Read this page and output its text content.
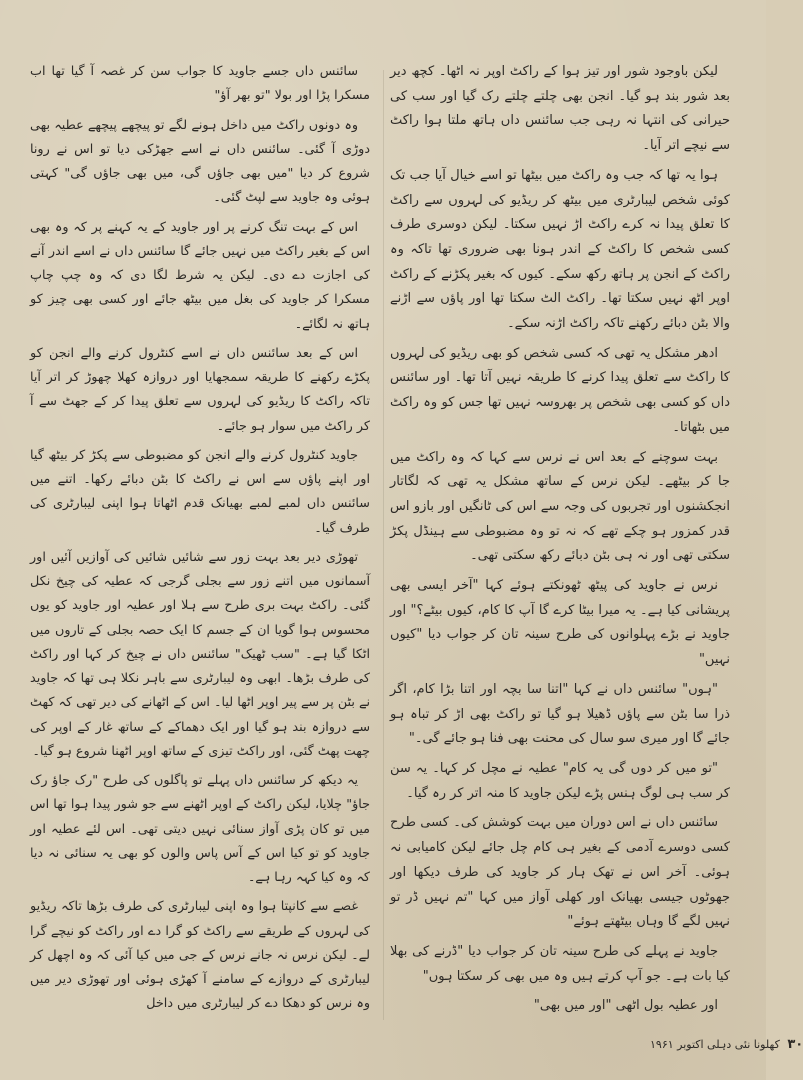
لیکن باوجود شور اور تیز ہوا کے راکٹ اوپر نہ اٹھا۔ کچھ دیر بعد شور بند ہو گیا۔ انجن بھی چلتے چلتے رک گیا اور سب کی حیرانی کی انتہا نہ رہی جب سائنس داں ہاتھ ملتا ہوا راکٹ سے نیچے اتر آیا۔

ہوا یہ تھا کہ جب وہ راکٹ میں بیٹھا تو اسے خیال آیا جب تک کوئی شخص لیبارٹری میں بیٹھ کر ریڈیو کی لہروں سے راکٹ کا تعلق پیدا نہ کرے راکٹ اڑ نہیں سکتا۔ لیکن دوسری طرف کسی شخص کا راکٹ کے اندر ہونا بھی ضروری تھا تاکہ وہ راکٹ کے انجن پر ہاتھ رکھ سکے۔ کیوں کہ بغیر پکڑنے کے راکٹ اوپر اٹھ نہیں سکتا تھا۔ راکٹ الٹ سکتا تھا اور پاؤں سے اڑنے والا بٹن دبائے رکھنے تاکہ راکٹ اڑنہ سکے۔

ادھر مشکل یہ تھی کہ کسی شخص کو بھی ریڈیو کی لہروں کا راکٹ سے تعلق پیدا کرنے کا طریقہ نہیں آتا تھا۔ اور سائنس داں کو کسی بھی شخص پر بھروسہ نہیں تھا جس کو وہ راکٹ میں بٹھاتا۔

بہت سوچنے کے بعد اس نے نرس سے کہا کہ وہ راکٹ میں جا کر بیٹھے۔ لیکن نرس کے ساتھ مشکل یہ تھی کہ لگاتار انجکشنوں اور تجربوں کی وجہ سے اس کی ٹانگیں اور بازو اس قدر کمزور ہو چکے تھے کہ نہ تو وہ مضبوطی سے ہینڈل پکڑ سکتی تھی اور نہ ہی بٹن دبائے رکھ سکتی تھی۔

نرس نے جاوید کی پیٹھ ٹھونکتے ہوئے کہا "آخر ایسی بھی پریشانی کیا ہے۔ یہ میرا بیٹا کرے گا آپ کا کام، کیوں بیٹے؟" اور جاوید نے بڑے پہلوانوں کی طرح سینہ تان کر جواب دیا "کیوں نہیں"

"ہوں" سائنس داں نے کہا "اتنا سا بچہ اور اتنا بڑا کام، اگر ذرا سا بٹن سے پاؤں ڈھیلا ہو گیا تو راکٹ بھی اڑ کر تباہ ہو جائے گا اور میری سو سال کی محنت بھی فنا ہو جائے گی۔"

"تو میں کر دوں گی یہ کام" عطیہ نے مچل کر کہا۔ یہ سن کر سب ہی لوگ ہنس پڑے لیکن جاوید کا منہ اتر کر رہ گیا۔

سائنس داں نے اس دوران میں بہت کوشش کی۔ کسی طرح کسی دوسرے آدمی کے بغیر ہی کام چل جائے لیکن کامیابی نہ ہوئی۔ آخر اس نے تھک ہار کر جاوید کی طرف دیکھا اور جھوٹوں جیسی بھیانک اور کھلی آواز میں کہا "تم نہیں ڈر تو نہیں لگے گا وہاں بیٹھتے ہوئے"

جاوید نے پہلے کی طرح سینہ تان کر جواب دیا "ڈرنے کی بھلا کیا بات ہے۔ جو آپ کرتے ہیں وہ میں بھی کر سکتا ہوں"

اور عطیہ بول اٹھی "اور میں بھی"

سائنس داں جسے جاوید کا جواب سن کر غصہ آ گیا تھا اب مسکرا پڑا اور بولا "تو بھر آؤ"

وہ دونوں راکٹ میں داخل ہونے لگے تو پیچھے پیچھے عطیہ بھی دوڑی آ گئی۔ سائنس داں نے اسے جھڑکی دیا تو اس نے رونا شروع کر دیا "میں بھی جاؤں گی، میں بھی جاؤں گی" کہتی ہوئی وہ جاوید سے لپٹ گئی۔

اس کے بہت تنگ کرنے پر اور جاوید کے یہ کہنے پر کہ وہ بھی اس کے بغیر راکٹ میں نہیں جائے گا سائنس داں نے اسے اندر آنے کی اجازت دے دی۔ لیکن یہ شرط لگا دی کہ وہ چپ چاپ مسکرا کر جاوید کی بغل میں بیٹھ جائے اور کسی بھی چیز کو ہاتھ نہ لگائے۔

اس کے بعد سائنس داں نے اسے کنٹرول کرنے والے انجن کو پکڑے رکھنے کا طریقہ سمجھایا اور دروازہ کھلا چھوڑ کر اتر آیا تاکہ راکٹ کا ریڈیو کی لہروں سے تعلق پیدا کر کے جھٹ سے آ کر راکٹ میں سوار ہو جائے۔

جاوید کنٹرول کرنے والے انجن کو مضبوطی سے پکڑ کر بیٹھ گیا اور اپنے پاؤں سے اس نے راکٹ کا بٹن دبائے رکھا۔ اتنے میں سائنس داں لمبے لمبے بھیانک قدم اٹھاتا ہوا اپنی لیبارٹری کی طرف گیا۔

تھوڑی دیر بعد بہت زور سے شائیں شائیں کی آوازیں آئیں اور آسمانوں میں اتنے زور سے بجلی گرجی کہ عطیہ کی چیخ نکل گئی۔ راکٹ بہت بری طرح سے ہلا اور عطیہ اور جاوید کو یوں محسوس ہوا گویا ان کے جسم کا ایک حصہ بجلی کے تاروں میں اٹکا گیا ہے۔ "سب ٹھیک" سائنس داں نے چیخ کر کہا اور راکٹ کی طرف بڑھا۔ ابھی وہ لیبارٹری سے باہر نکلا ہی تھا کہ جاوید نے بٹن پر سے پیر اوپر اٹھا لیا۔ اس کے اٹھانے کی دیر تھی کہ کھٹ سے دروازہ بند ہو گیا اور ایک دھماکے کے ساتھ غار کے اوپر کی چھت پھٹ گئی، اور راکٹ تیزی کے ساتھ اوپر اٹھنا شروع ہو گیا۔

یہ دیکھ کر سائنس داں پہلے تو پاگلوں کی طرح "رک جاؤ رک جاؤ" چلایا، لیکن راکٹ کے اوپر اٹھنے سے جو شور پیدا ہوا تھا اس میں تو کان پڑی آواز سنائی نہیں دیتی تھی۔ اس لئے عطیہ اور جاوید کو تو کیا اس کے آس پاس والوں کو بھی یہ سنائی نہ دیا کہ وہ کیا کہہ رہا ہے۔

غصے سے کانپتا ہوا وہ اپنی لیبارٹری کی طرف بڑھا تاکہ ریڈیو کی لہروں کے طریقے سے راکٹ کو گرا دے اور راکٹ کو نیچے گرا لے۔ لیکن نرس نہ جانے نرس کے جی میں کیا آئی کہ وہ اچھل کر لیبارٹری کے دروازے کے سامنے آ کھڑی ہوئی اور تھوڑی دیر میں وہ نرس کو دھکا دے کر لیبارٹری میں داخل

۳۰ کھلونا نئی دہلی اکتوبر ۱۹۶۱
